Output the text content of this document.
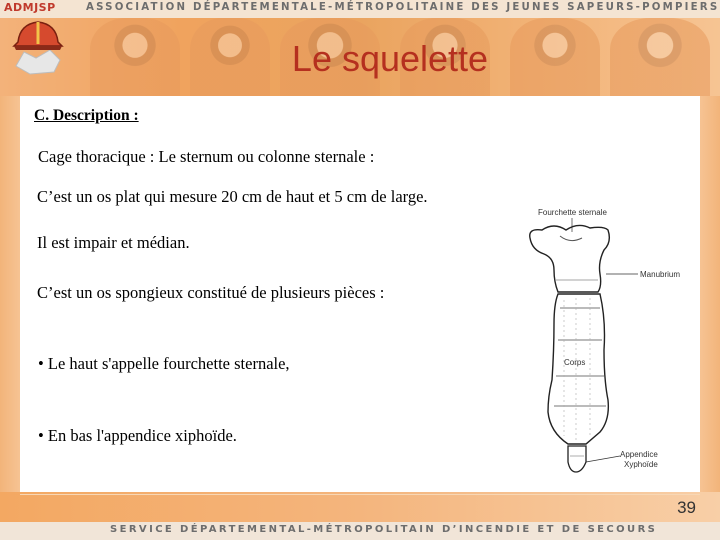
ADMJSP	ASSOCIATION DÉPARTEMENTALE-MÉTROPOLITAINE DES JEUNES SAPEURS-POMPIERS
Le squelette
C. Description :
Cage thoracique : Le sternum ou colonne sternale :
C’est un os plat qui mesure 20 cm de haut et 5 cm de large.
Il est impair et médian.
C’est un os spongieux constitué de plusieurs pièces :
• Le haut s'appelle fourchette sternale,
• En bas l'appendice xiphoïde.
Fourchette sternale
Manubrium
Corps
Appendice
Xyphoïde
39
SERVICE DÉPARTEMENTAL-MÉTROPOLITAIN D’INCENDIE ET DE SECOURS
